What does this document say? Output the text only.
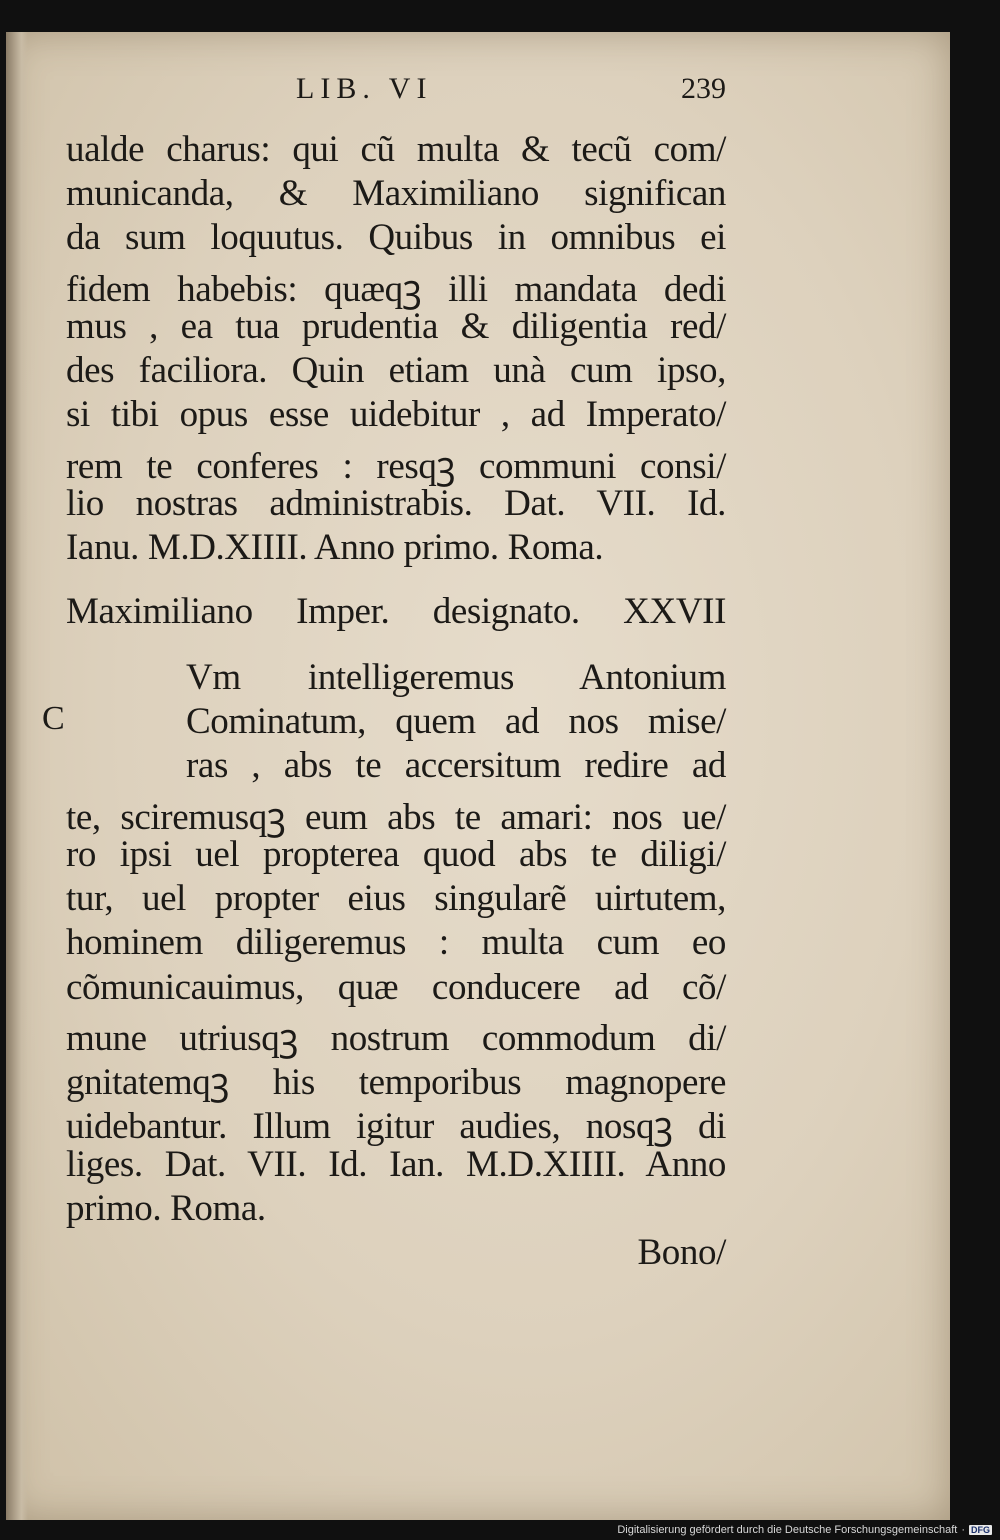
LIB. VI	239
ualde charus: qui cũ multa & tecũ com/
municanda, & Maximiliano significan
da sum loquutus. Quibus in omnibus ei
fidem habebis: quæqꝫ illi mandata dedi
mus , ea tua prudentia & diligentia red/
des faciliora. Quin etiam unà cum ipso,
si tibi opus esse uidebitur , ad Imperato/
rem te conferes : resqꝫ communi consi/
lio nostras administrabis. Dat. VII. Id.
Ianu. M.D.XIIII. Anno primo. Roma.
Maximiliano Imper. designato. XXVII
C
Vm intelligeremus Antonium
Cominatum, quem ad nos mise/
ras , abs te accersitum redire ad
te, sciremusqꝫ eum abs te amari: nos ue/
ro ipsi uel propterea quod abs te diligi/
tur, uel propter eius singularẽ uirtutem,
hominem diligeremus : multa cum eo
cõmunicauimus, quæ conducere ad cõ/
mune utriusqꝫ nostrum commodum di/
gnitatemqꝫ his temporibus magnopere
uidebantur. Illum igitur audies, nosqꝫ di
liges. Dat. VII. Id. Ian. M.D.XIIII. Anno
primo. Roma.
Bono/
Digitalisierung gefördert durch die Deutsche Forschungsgemeinschaft · DFG
